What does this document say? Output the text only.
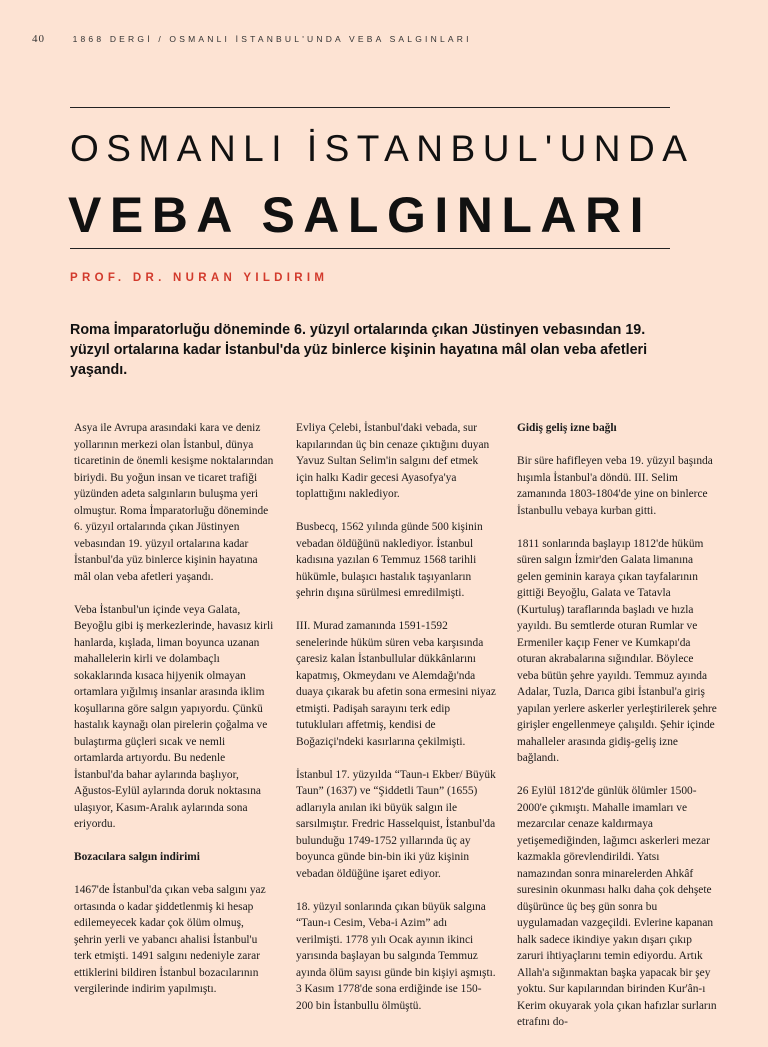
40	1868 DERGİ / OSMANLI İSTANBUL'UNDA VEBA SALGINLARI
OSMANLI İSTANBUL'UNDA
VEBA SALGINLARI
PROF. DR. NURAN YILDIRIM
Roma İmparatorluğu döneminde 6. yüzyıl ortalarında çıkan Jüstinyen vebasından 19. yüzyıl ortalarına kadar İstanbul'da yüz binlerce kişinin hayatına mâl olan veba afetleri yaşandı.

Asya ile Avrupa arasındaki kara ve deniz yollarının merkezi olan İstanbul, dünya ticaretinin de önemli kesişme noktalarından biriydi. Bu yoğun insan ve ticaret trafiği yüzünden adeta salgınların buluşma yeri olmuştur. Roma İmparatorluğu döneminde 6. yüzyıl ortalarında çıkan Jüstinyen vebasından 19. yüzyıl ortalarına kadar İstanbul'da yüz binlerce kişinin hayatına mâl olan veba afetleri yaşandı.

Veba İstanbul'un içinde veya Galata, Beyoğlu gibi iş merkezlerinde, havasız kirli hanlarda, kışlada, liman boyunca uzanan mahallelerin kirli ve dolambaçlı sokaklarında kısaca hijyenik olmayan ortamlara yığılmış insanlar arasında iklim koşullarına göre salgın yapıyordu. Çünkü hastalık kaynağı olan pirelerin çoğalma ve bulaştırma güçleri sıcak ve nemli ortamlarda artıyordu. Bu nedenle İstanbul'da bahar aylarında başlıyor, Ağustos-Eylül aylarında doruk noktasına ulaşıyor, Kasım-Aralık aylarında sona eriyordu.

Bozacılara salgın indirimi

1467'de İstanbul'da çıkan veba salgını yaz ortasında o kadar şiddetlenmiş ki hesap edilemeyecek kadar çok ölüm olmuş, şehrin yerli ve yabancı ahalisi İstanbul'u terk etmişti. 1491 salgını nedeniyle zarar ettiklerini bildiren İstanbul bozacılarının vergilerinde indirim yapılmıştı.

Evliya Çelebi, İstanbul'daki vebada, sur kapılarından üç bin cenaze çıktığını duyan Yavuz Sultan Selim'in salgını def etmek için halkı Kadir gecesi Ayasofya'ya toplattığını naklediyor.

Busbecq, 1562 yılında günde 500 kişinin vebadan öldüğünü naklediyor. İstanbul kadısına yazılan 6 Temmuz 1568 tarihli hükümle, bulaşıcı hastalık taşıyanların şehrin dışına sürülmesi emredilmişti.

III. Murad zamanında 1591-1592 senelerinde hüküm süren veba karşısında çaresiz kalan İstanbullular dükkânlarını kapatmış, Okmeydanı ve Alemdağı'nda duaya çıkarak bu afetin sona ermesini niyaz etmişti. Padişah sarayını terk edip tutukluları affetmiş, kendisi de Boğaziçi'ndeki kasırlarına çekilmişti.

İstanbul 17. yüzyılda “Taun-ı Ekber/ Büyük Taun” (1637) ve “Şiddetli Taun” (1655) adlarıyla anılan iki büyük salgın ile sarsılmıştır. Fredric Hasselquist, İstanbul'da bulunduğu 1749-1752 yıllarında üç ay boyunca günde bin-bin iki yüz kişinin vebadan öldüğüne işaret ediyor.

18. yüzyıl sonlarında çıkan büyük salgına “Taun-ı Cesim, Veba-i Azim” adı verilmişti. 1778 yılı Ocak ayının ikinci yarısında başlayan bu salgında Temmuz ayında ölüm sayısı günde bin kişiyi aşmıştı. 3 Kasım 1778'de sona erdiğinde ise 150-200 bin İstanbullu ölmüştü.

Gidiş geliş izne bağlı

Bir süre hafifleyen veba 19. yüzyıl başında hışımla İstanbul'a döndü. III. Selim zamanında 1803-1804'de yine on binlerce İstanbullu vebaya kurban gitti.

1811 sonlarında başlayıp 1812'de hüküm süren salgın İzmir'den Galata limanına gelen geminin karaya çıkan tayfalarının gittiği Beyoğlu, Galata ve Tatavla (Kurtuluş) taraflarında başladı ve hızla yayıldı. Bu semtlerde oturan Rumlar ve Ermeniler kaçıp Fener ve Kumkapı'da oturan akrabalarına sığındılar. Böylece veba bütün şehre yayıldı. Temmuz ayında Adalar, Tuzla, Darıca gibi İstanbul'a giriş yapılan yerlere askerler yerleştirilerek şehre girişler engellenmeye çalışıldı. Şehir içinde mahalleler arasında gidiş-geliş izne bağlandı.

26 Eylül 1812'de günlük ölümler 1500-2000'e çıkmıştı. Mahalle imamları ve mezarcılar cenaze kaldırmaya yetişemediğinden, lağımcı askerleri mezar kazmakla görevlendirildi. Yatsı namazından sonra minarelerden Ahkâf suresinin okunması halkı daha çok dehşete düşürünce üç beş gün sonra bu uygulamadan vazgeçildi. Evlerine kapanan halk sadece ikindiye yakın dışarı çıkıp zaruri ihtiyaçlarını temin ediyordu. Artık Allah'a sığınmaktan başka yapacak bir şey yoktu. Sur kapılarından birinden Kur'ân-ı Kerim okuyarak yola çıkan hafızlar surların etrafını do-
